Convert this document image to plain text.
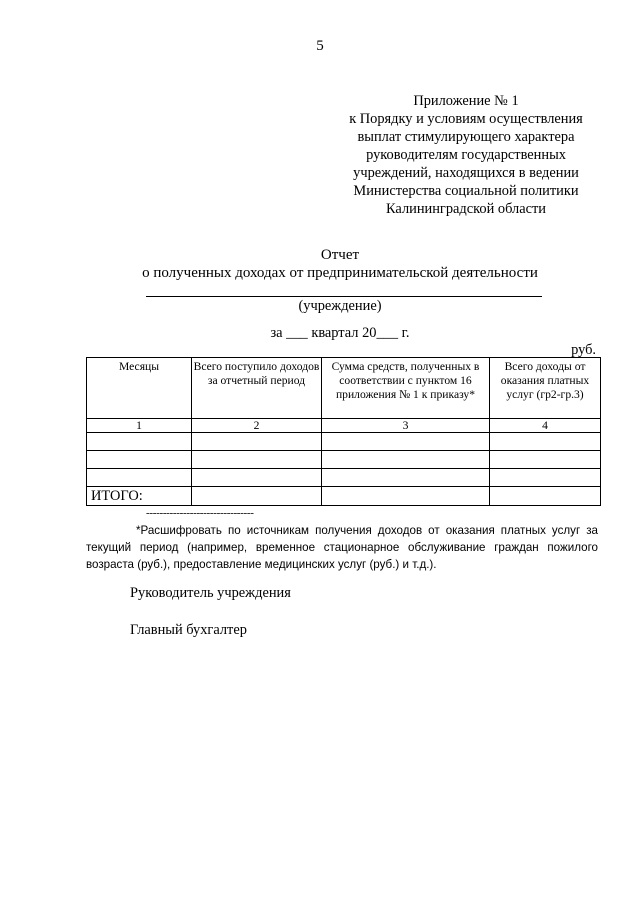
5
Приложение № 1
к Порядку и условиям осуществления
выплат стимулирующего характера
руководителям государственных
учреждений, находящихся в ведении
Министерства социальной политики
Калининградской области
Отчет
о полученных доходах от предпринимательской деятельности
(учреждение)
за ___ квартал 20___ г.
руб.
Месяцы	Всего поступило доходов за отчетный период	Сумма средств, полученных в соответствии с пунктом 16 приложения № 1 к приказу*	Всего доходы от оказания платных услуг (гр2-гр.3)
1	2	3	4

ИТОГО:			
--------------------------------
*Расшифровать по источникам получения доходов от оказания платных услуг за текущий период (например, временное стационарное обслуживание граждан пожилого возраста (руб.), предоставление медицинских услуг (руб.) и т.д.).
Руководитель учреждения
Главный бухгалтер
